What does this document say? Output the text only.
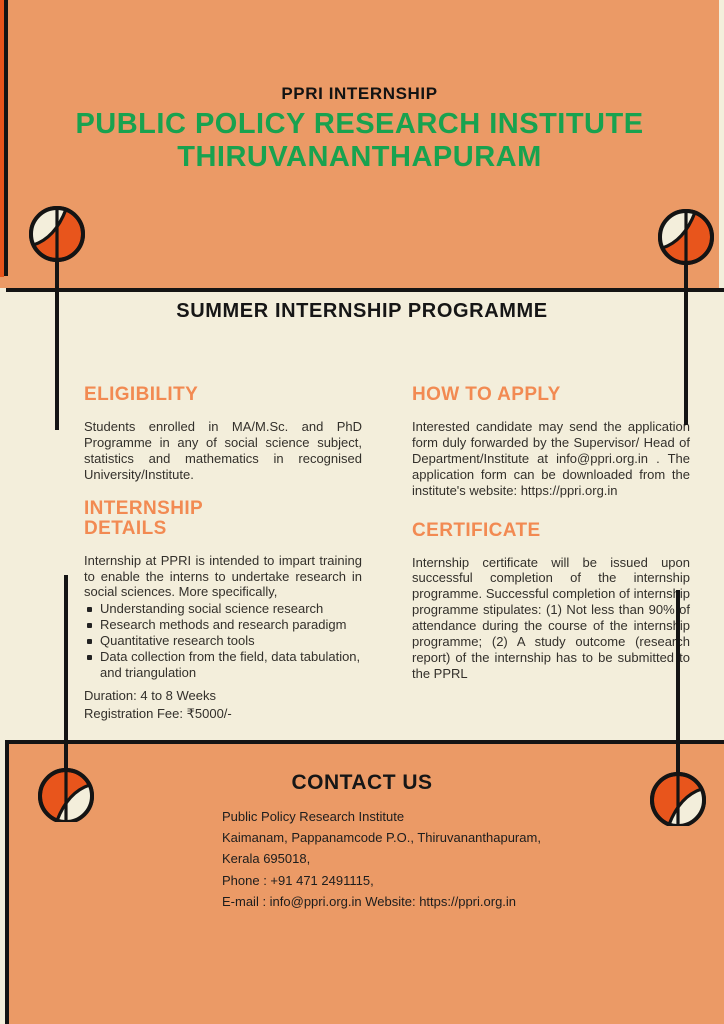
PPRI INTERNSHIP
PUBLIC POLICY RESEARCH INSTITUTE
THIRUVANANTHAPURAM
SUMMER INTERNSHIP PROGRAMME
ELIGIBILITY

Students enrolled in MA/M.Sc. and PhD Programme in any of social science subject, statistics and mathematics in recognised University/Institute.

INTERNSHIP
DETAILS

Internship at PPRI is intended to impart training to enable the interns to undertake research in social sciences. More specifically,

Understanding social science research
Research methods and research paradigm
Quantitative research tools
Data collection from the field, data tabulation, and triangulation
Duration: 4 to 8 Weeks
Registration Fee: ₹5000/-
HOW TO APPLY

Interested candidate may send the application form duly forwarded by the Supervisor/ Head of Department/Institute at info@ppri.org.in . The application form can be downloaded from the institute's website: https://ppri.org.in

CERTIFICATE

Internship certificate will be issued upon successful completion of the internship programme. Successful completion of internship programme stipulates: (1) Not less than 90% of attendance during the course of the internship programme; (2) A study outcome (research report) of the internship has to be submitted to the PPRL

CONTACT US
Public Policy Research Institute
Kaimanam, Pappanamcode P.O., Thiruvananthapuram,
Kerala 695018,
Phone : +91 471 2491115,
E-mail : info@ppri.org.in Website: https://ppri.org.in
